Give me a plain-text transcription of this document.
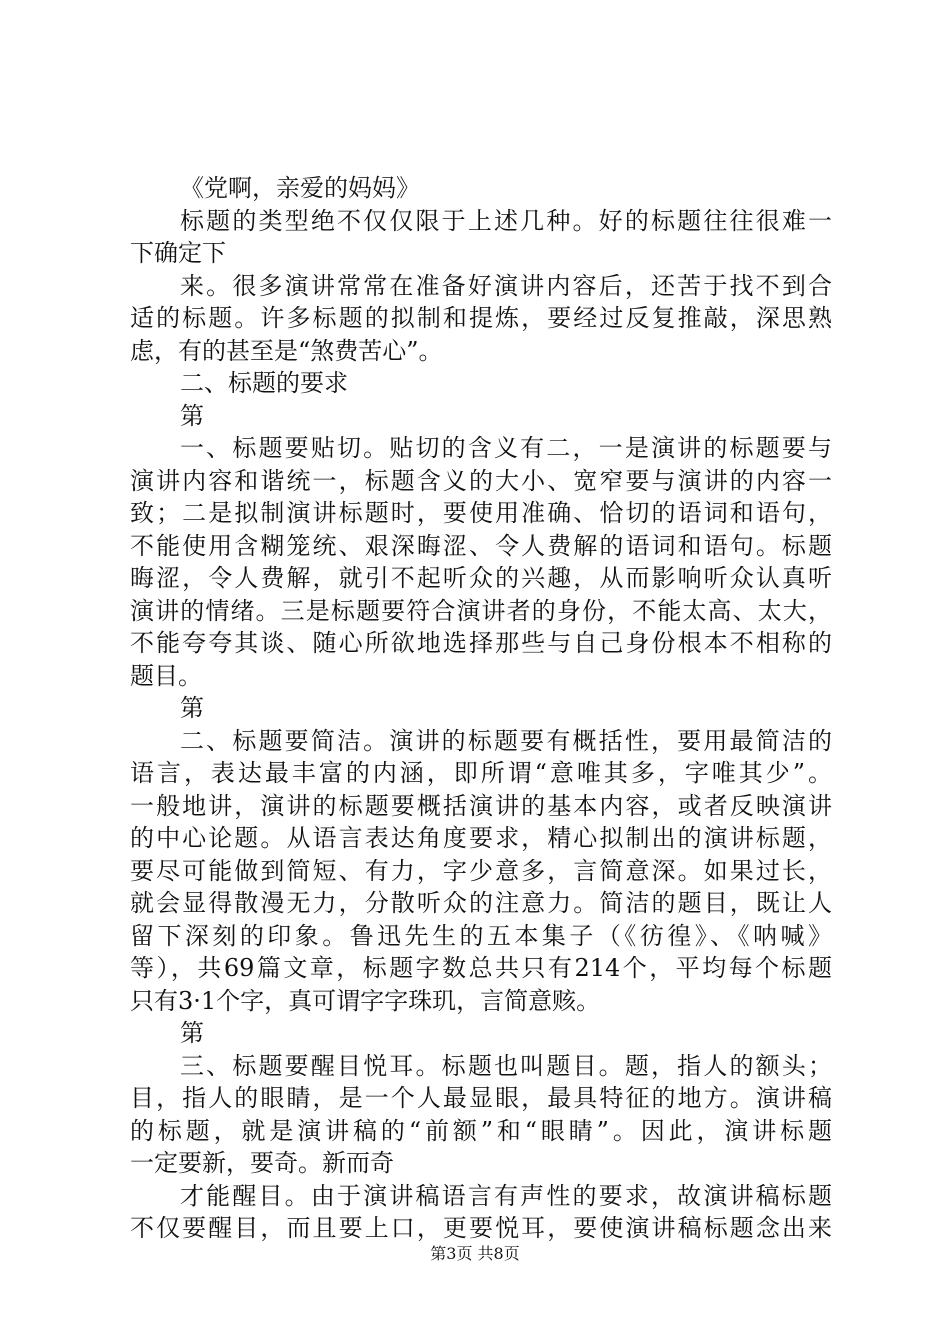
《党啊，亲爱的妈妈》
标题的类型绝不仅仅限于上述几种。好的标题往往很难一
下确定下
来。很多演讲常常在准备好演讲内容后，还苦于找不到合
适的标题。许多标题的拟制和提炼，要经过反复推敲，深思熟
虑，有的甚至是“煞费苦心”。
二、标题的要求
第
一、标题要贴切。贴切的含义有二，一是演讲的标题要与
演讲内容和谐统一，标题含义的大小、宽窄要与演讲的内容一
致；二是拟制演讲标题时，要使用准确、恰切的语词和语句，
不能使用含糊笼统、艰深晦涩、令人费解的语词和语句。标题
晦涩，令人费解，就引不起听众的兴趣，从而影响听众认真听
演讲的情绪。三是标题要符合演讲者的身份，不能太高、太大，
不能夸夸其谈、随心所欲地选择那些与自己身份根本不相称的
题目。
第
二、标题要简洁。演讲的标题要有概括性，要用最简洁的
语言，表达最丰富的内涵，即所谓“意唯其多，字唯其少”。
一般地讲，演讲的标题要概括演讲的基本内容，或者反映演讲
的中心论题。从语言表达角度要求，精心拟制出的演讲标题，
要尽可能做到简短、有力，字少意多，言简意深。如果过长，
就会显得散漫无力，分散听众的注意力。简洁的题目，既让人
留下深刻的印象。鲁迅先生的五本集子（《彷徨》、《呐喊》
等），共69篇文章，标题字数总共只有214个，平均每个标题
只有3·1个字，真可谓字字珠玑，言简意赅。
第
三、标题要醒目悦耳。标题也叫题目。题，指人的额头；
目，指人的眼睛，是一个人最显眼，最具特征的地方。演讲稿
的标题，就是演讲稿的“前额”和“眼睛”。因此，演讲标题
一定要新，要奇。新而奇
才能醒目。由于演讲稿语言有声性的要求，故演讲稿标题
不仅要醒目，而且要上口，更要悦耳，要使演讲稿标题念出来
第3页 共8页
